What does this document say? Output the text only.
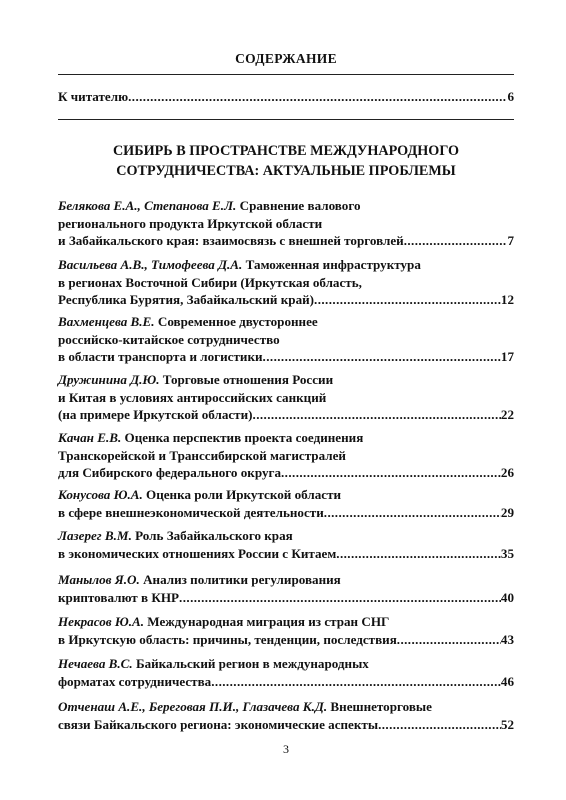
СОДЕРЖАНИЕ
К читателю .....	6
СИБИРЬ В ПРОСТРАНСТВЕ МЕЖДУНАРОДНОГО
СОТРУДНИЧЕСТВА: АКТУАЛЬНЫЕ ПРОБЛЕМЫ
Белякова Е.А., Степанова Е.Л. Сравнение валового
регионального продукта Иркутской области
и Забайкальского края: взаимосвязь с внешней торговлей .....	7
Васильева А.В., Тимофеева Д.А. Таможенная инфраструктура
в регионах Восточной Сибири (Иркутская область,
Республика Бурятия, Забайкальский край) .....	12
Вахменцева В.Е. Современное двустороннее
российско-китайское сотрудничество
в области транспорта и логистики .....	17
Дружинина Д.Ю. Торговые отношения России
и Китая в условиях антироссийских санкций
(на примере Иркутской области) .....	22
Качан Е.В. Оценка перспектив проекта соединения
Транскорейской и Транссибирской магистралей
для Сибирского федерального округа .....	26
Конусова Ю.А. Оценка роли Иркутской области
в сфере внешнеэкономической деятельности .....	29
Лазерег В.М. Роль Забайкальского края
в экономических отношениях России с Китаем .....	35
Манылов Я.О. Анализ политики регулирования
криптовалют в КНР .....	40
Некрасов Ю.А. Международная миграция из стран СНГ
в Иркутскую область: причины, тенденции, последствия .....	43
Нечаева В.С. Байкальский регион в международных
форматах сотрудничества .....	46
Отченаш А.Е., Береговая П.И., Глазачева К.Д. Внешнеторговые
связи Байкальского региона: экономические аспекты .....	52
3
